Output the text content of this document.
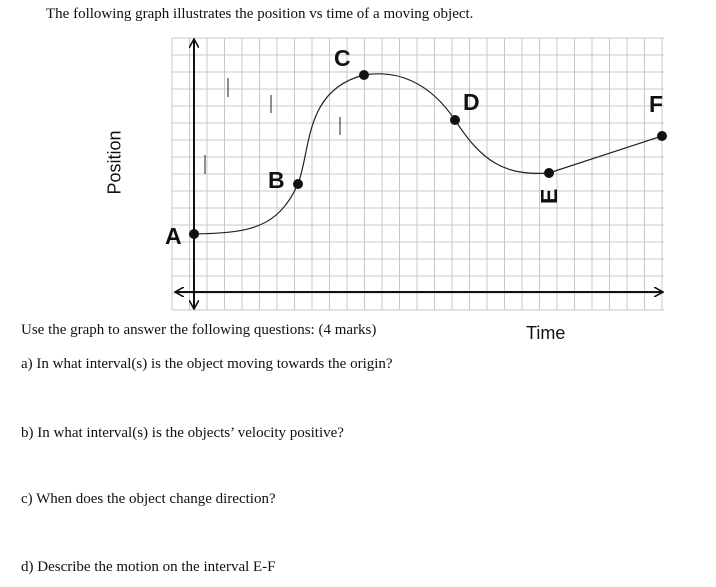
The following graph illustrates the position vs time of a moving object.
A
B
C
D
E
F
Position
Time
Use the graph to answer the following questions: (4 marks)
a) In what interval(s) is the object moving towards the origin?
b) In what interval(s) is the objects’ velocity positive?
c) When does the object change direction?
d) Describe the motion on the interval E-F
